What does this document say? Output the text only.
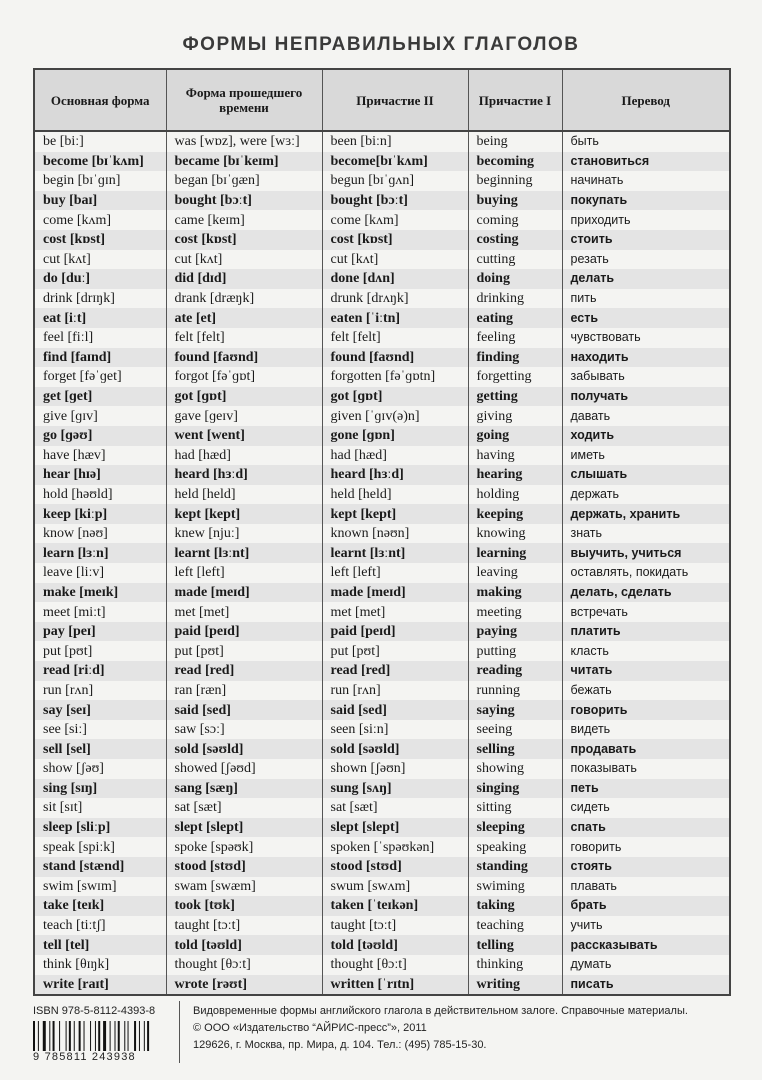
ФОРМЫ НЕПРАВИЛЬНЫХ ГЛАГОЛОВ
Основная форма	Форма прошедшего времени	Причастие II	Причастие I	Перевод
be [biː]	was [wɒz], were [wɜː]	been [biːn]	being	быть
become [bɪˈkʌm]	became [bɪˈkeɪm]	become[bɪˈkʌm]	becoming	становиться
begin [bɪˈɡɪn]	began [bɪˈɡæn]	begun [bɪˈɡʌn]	beginning	начинать
buy [baɪ]	bought [bɔːt]	bought [bɔːt]	buying	покупать
come [kʌm]	came [keɪm]	come [kʌm]	coming	приходить
cost [kɒst]	cost [kɒst]	cost [kɒst]	costing	стоить
cut [kʌt]	cut [kʌt]	cut [kʌt]	cutting	резать
do [duː]	did [dɪd]	done [dʌn]	doing	делать
drink [drɪŋk]	drank [dræŋk]	drunk [drʌŋk]	drinking	пить
eat [iːt]	ate [et]	eaten [ˈiːtn]	eating	есть
feel [fiːl]	felt [felt]	felt [felt]	feeling	чувствовать
find [faɪnd]	found [faʊnd]	found [faʊnd]	finding	находить
forget [fəˈɡet]	forgot [fəˈɡɒt]	forgotten [fəˈɡɒtn]	forgetting	забывать
get [ɡet]	got [ɡɒt]	got [ɡɒt]	getting	получать
give [ɡɪv]	gave [ɡeɪv]	given [ˈɡɪv(ə)n]	giving	давать
go [ɡəʊ]	went [went]	gone [ɡɒn]	going	ходить
have [hæv]	had [hæd]	had [hæd]	having	иметь
hear [hɪə]	heard [hɜːd]	heard [hɜːd]	hearing	слышать
hold [həʊld]	held [held]	held [held]	holding	держать
keep [kiːp]	kept [kept]	kept [kept]	keeping	держать, хранить
know [nəʊ]	knew [njuː]	known [nəʊn]	knowing	знать
learn [lɜːn]	learnt [lɜːnt]	learnt [lɜːnt]	learning	выучить, учиться
leave [liːv]	left [left]	left [left]	leaving	оставлять, покидать
make [meɪk]	made [meɪd]	made [meɪd]	making	делать, сделать
meet [miːt]	met [met]	met [met]	meeting	встречать
pay [peɪ]	paid [peɪd]	paid [peɪd]	paying	платить
put [pʊt]	put [pʊt]	put [pʊt]	putting	класть
read [riːd]	read [red]	read [red]	reading	читать
run [rʌn]	ran [ræn]	run [rʌn]	running	бежать
say [seɪ]	said [sed]	said [sed]	saying	говорить
see [siː]	saw [sɔː]	seen [siːn]	seeing	видеть
sell [sel]	sold [səʊld]	sold [səʊld]	selling	продавать
show [ʃəʊ]	showed [ʃəʊd]	shown [ʃəʊn]	showing	показывать
sing [sɪŋ]	sang [sæŋ]	sung [sʌŋ]	singing	петь
sit [sɪt]	sat [sæt]	sat [sæt]	sitting	сидеть
sleep [sliːp]	slept [slept]	slept [slept]	sleeping	спать
speak [spiːk]	spoke [spəʊk]	spoken [ˈspəʊkən]	speaking	говорить
stand [stænd]	stood [stʊd]	stood [stʊd]	standing	стоять
swim [swɪm]	swam [swæm]	swum [swʌm]	swiming	плавать
take [teɪk]	took [tʊk]	taken [ˈteɪkən]	taking	брать
teach [tiːtʃ]	taught [tɔːt]	taught [tɔːt]	teaching	учить
tell [tel]	told [təʊld]	told [təʊld]	telling	рассказывать
think [θɪŋk]	thought [θɔːt]	thought [θɔːt]	thinking	думать
write [raɪt]	wrote [rəʊt]	written [ˈrɪtn]	writing	писать
ISBN 978-5-8112-4393-8
9 785811 243938
Видовременные формы английского глагола в действительном залоге. Справочные материалы.
© ООО «Издательство “АЙРИС-пресс”», 2011
129626, г. Москва, пр. Мира, д. 104. Тел.: (495) 785-15-30.
